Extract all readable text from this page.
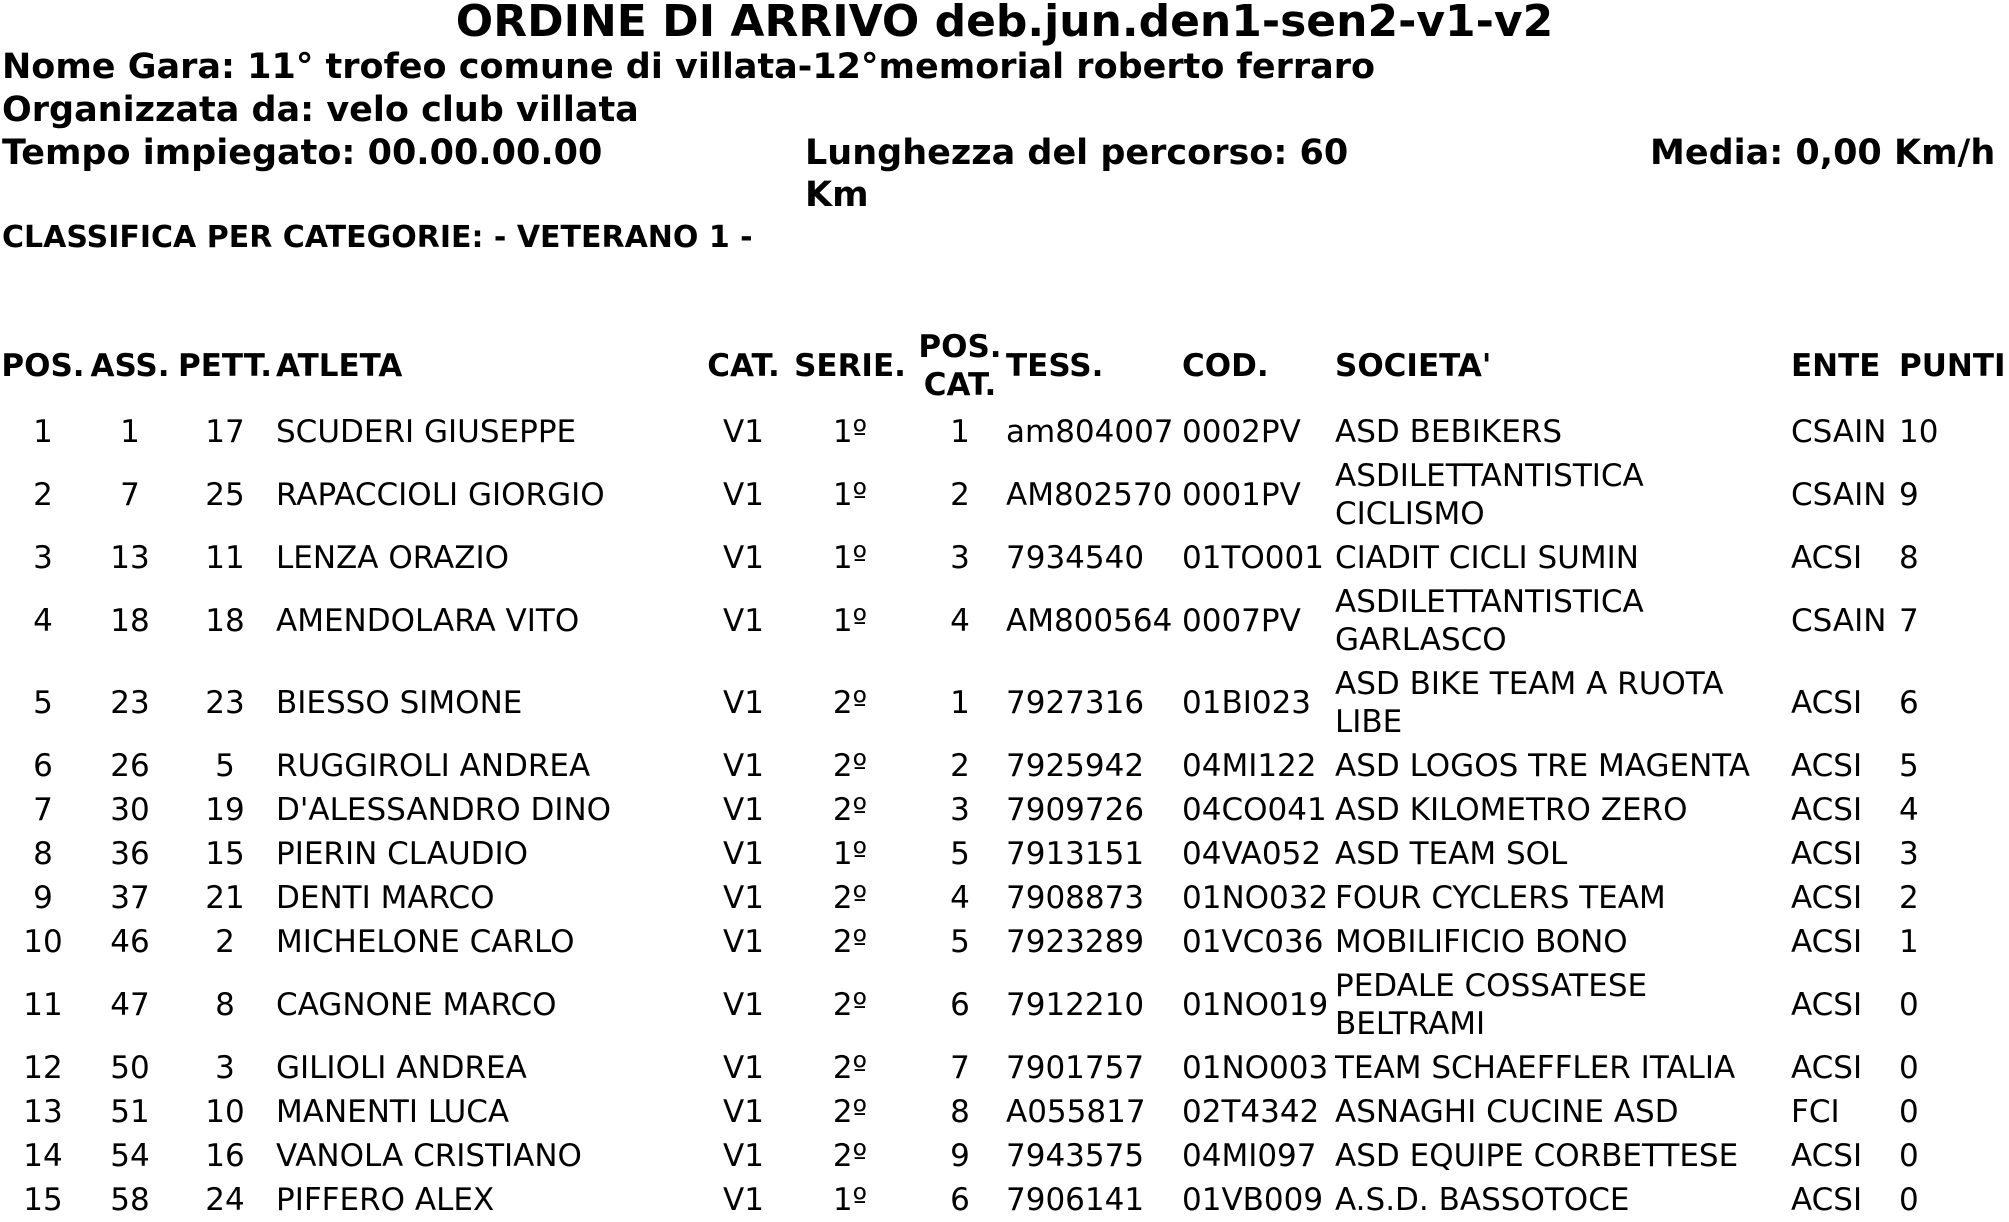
ORDINE DI ARRIVO deb.jun.den1-sen2-v1-v2
Nome Gara: 11° trofeo comune di villata-12°memorial roberto ferraro
Organizzata da: velo club villata
Tempo impiegato: 00.00.00.00	Lunghezza del percorso: 60 Km
Media: 0,00 Km/h
CLASSIFICA PER CATEGORIE: - VETERANO 1 -
POS.	ASS.	PETT.	ATLETA	CAT.	SERIE.	POS. CAT.	TESS.	COD.	SOCIETA'	ENTE	PUNTI
1	1	17	SCUDERI GIUSEPPE	V1	1º	1	am804007	0002PV	ASD BEBIKERS	CSAIN	10
2	7	25	RAPACCIOLI GIORGIO	V1	1º	2	AM802570	0001PV	ASDILETTANTISTICA CICLISMO	CSAIN	9
3	13	11	LENZA ORAZIO	V1	1º	3	7934540	01TO001	CIADIT CICLI SUMIN	ACSI	8
4	18	18	AMENDOLARA VITO	V1	1º	4	AM800564	0007PV	ASDILETTANTISTICA GARLASCO	CSAIN	7
5	23	23	BIESSO SIMONE	V1	2º	1	7927316	01BI023	ASD BIKE TEAM A RUOTA LIBE	ACSI	6
6	26	5	RUGGIROLI ANDREA	V1	2º	2	7925942	04MI122	ASD LOGOS TRE MAGENTA	ACSI	5
7	30	19	D'ALESSANDRO DINO	V1	2º	3	7909726	04CO041	ASD KILOMETRO ZERO	ACSI	4
8	36	15	PIERIN CLAUDIO	V1	1º	5	7913151	04VA052	ASD TEAM SOL	ACSI	3
9	37	21	DENTI MARCO	V1	2º	4	7908873	01NO032	FOUR CYCLERS TEAM	ACSI	2
10	46	2	MICHELONE CARLO	V1	2º	5	7923289	01VC036	MOBILIFICIO BONO	ACSI	1
11	47	8	CAGNONE MARCO	V1	2º	6	7912210	01NO019	PEDALE COSSATESE BELTRAMI	ACSI	0
12	50	3	GILIOLI ANDREA	V1	2º	7	7901757	01NO003	TEAM SCHAEFFLER ITALIA	ACSI	0
13	51	10	MANENTI LUCA	V1	2º	8	A055817	02T4342	ASNAGHI CUCINE ASD	FCI	0
14	54	16	VANOLA CRISTIANO	V1	2º	9	7943575	04MI097	ASD EQUIPE CORBETTESE	ACSI	0
15	58	24	PIFFERO ALEX	V1	1º	6	7906141	01VB009	A.S.D. BASSOTOCE	ACSI	0
